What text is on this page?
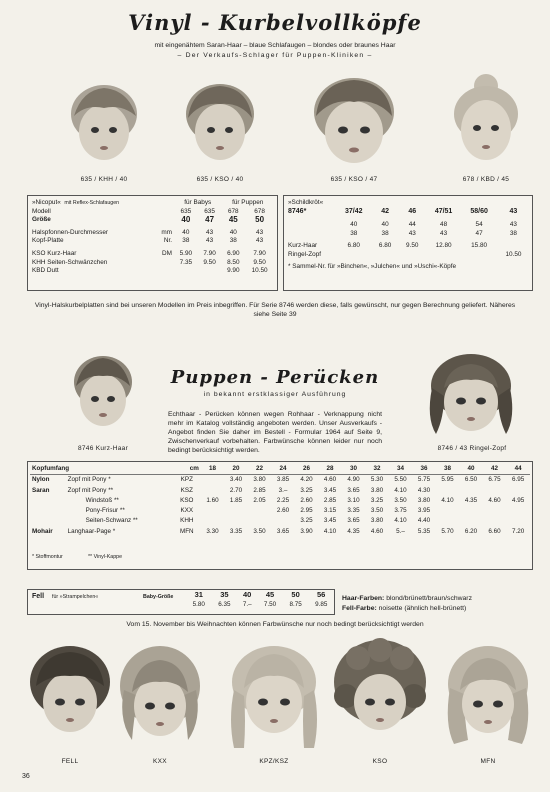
Vinyl - Kurbelvollköpfe
mit eingenähtem Saran-Haar – blaue Schlafaugen – blondes oder braunes Haar
– Der Verkaufs-Schlager für Puppen-Kliniken –
635 / KHH / 40	635 / KSO / 40	635 / KSO / 47	678 / KBD / 45
»Nicoput« mit Reflex-Schlafaugen	für Babys		für Puppen	
Modell	635	635	678	678
Größe	40	47	45	50

Halspfonnen-Durchmesser mm	40	43	40	43
Kopf-Platte Nr.	38	43	38	43

KSO Kurz-Haar DM	5.90	7.90	6.90	7.90
KHH Seiten-Schwänzchen	7.35	9.50	8.50	9.50
KBD Dutt			9.90	10.50
»Schildkröt«						
8746*	37/42	42	46	47/51	58/60	43

	40	40	44	48	54	43
	38	38	43	43	47	38

Kurz-Haar	6.80	6.80	9.50	12.80	15.80	
Ringel-Zopf						10.50

* Sammel-Nr. für »Binchen«, »Julchen« und »Uschi«-Köpfe						
Vinyl-Halskurbelplatten sind bei unseren Modellen im Preis inbegriffen. Für Serie 8746 werden diese, falls gewünscht, nur gegen Berechnung geliefert. Näheres siehe Seite 39
8746 Kurz-Haar
Puppen - Perücken
in bekannt erstklassiger Ausführung
Echthaar - Perücken können wegen Rohhaar - Verknappung nicht mehr im Katalog vollständig angeboten werden. Unser Ausverkaufs - Angebot finden Sie daher im Bestell - Formular 1964 auf Seite 9, Zwischenverkauf vorbehalten. Farbwünsche können leider nur noch bedingt berücksichtigt werden.	8746 / 43 Ringel-Zopf
Kopfumfang		cm	18	20	22	24	26	28	30	32	34	36	38	40	42	44
Nylon	Zopf mit Pony *	KPZ		3.40	3.80	3.85	4.20	4.60	4.90	5.30	5.50	5.75	5.95	6.50	6.75	6.95
Saran	Zopf mit Pony **	KSZ		2.70	2.85	3.–	3.25	3.45	3.65	3.80	4.10	4.30				
	Windstoß **	KSO	1.60	1.85	2.05	2.25	2.60	2.85	3.10	3.25	3.50	3.80	4.10	4.35	4.60	4.95
	Pony-Frisur **	KXX				2.60	2.95	3.15	3.35	3.50	3.75	3.95				
	Seiten-Schwanz **	KHH					3.25	3.45	3.65	3.80	4.10	4.40				
Mohair	Langhaar-Page *	MFN	3.30	3.35	3.50	3.65	3.90	4.10	4.35	4.60	5.–	5.35	5.70	6.20	6.60	7.20
* Stoffmontur	** Vinyl-Kappe
Fell für »Strampelchen«	Baby-Größe	31	35	40	45	50	56
5.80	6.35	7.–	7.50	8.75	9.85
Haar-Farben: blond/brünett/braun/schwarz
Fell-Farbe: noisette (ähnlich hell-brünett)
Vom 15. November bis Weihnachten können Farbwünsche nur noch bedingt berücksichtigt werden
FELL	KXX	KPZ/KSZ	KSO	MFN
36
